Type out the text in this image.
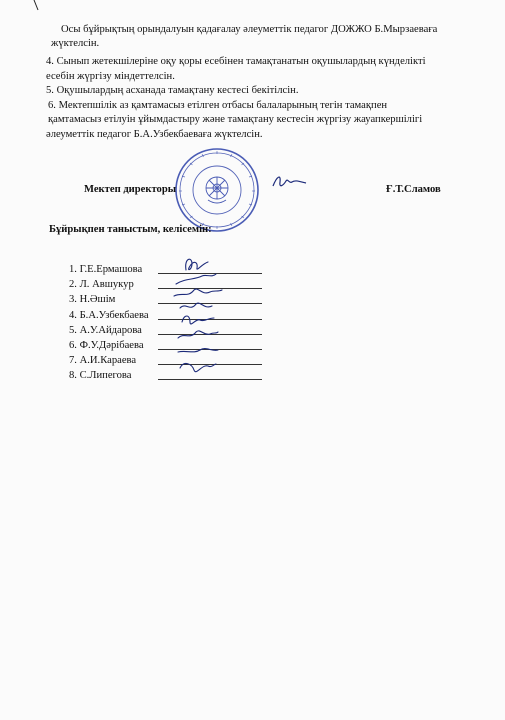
Осы бұйрықтың орындалуын қадағалау әлеуметтік педагог ДОЖЖО Б.Мырзаевағa
жүктелсін.
4. Сынып жетекшілеріне оқу қоры есебінен тамақтанатын оқушылардың күнделікті
есебін жүргізу міндеттелсін.
5. Оқушылардың асханада тамақтану кестесі бекітілсін.
6. Мектепшілік аз қамтамасыз етілген отбасы балаларының тегін тамақпен
қамтамасыз етілуін ұйымдастыру және тамақтану кестесін жүргізу жауапкершілігі
әлеуметтік педагог Б.А.Узбекбаевағa жүктелсін.
Мектеп директоры	Ғ.Т.Сламов
Бұйрықпен таныстым, келісемін:
1. Г.Е.Ермашова
2. Л. Авшукур
3. Н.Әшім
4. Б.А.Узбекбаева
5. А.У.Айдарова
6. Ф.У.Дәрібаева
7. А.И.Караева
8. С.Липегова
